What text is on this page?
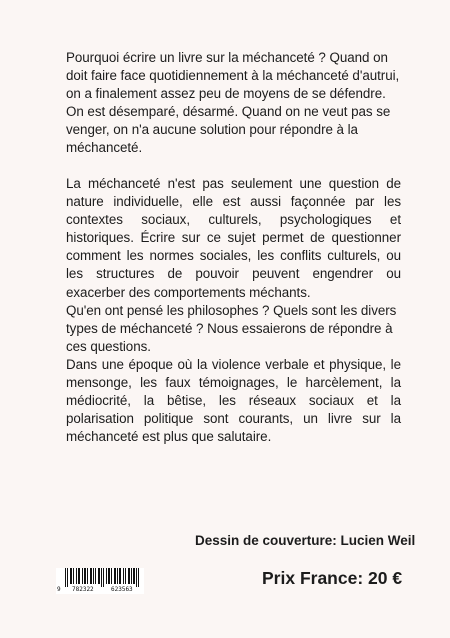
Pourquoi écrire un livre sur la méchanceté ? Quand on doit faire face quotidiennement à la méchanceté d'autrui, on a finalement assez peu de moyens de se défendre. On est désemparé, désarmé. Quand on ne veut pas se venger, on n'a aucune solution pour répondre à la méchanceté.

La méchanceté n'est pas seulement une question de nature individuelle, elle est aussi façonnée par les contextes sociaux, culturels, psychologiques et historiques. Écrire sur ce sujet permet de questionner comment les normes sociales, les conflits culturels, ou les structures de pouvoir peuvent engendrer ou exacerber des comportements méchants.

Qu'en ont pensé les philosophes ? Quels sont les divers types de méchanceté ? Nous essaierons de répondre à ces questions.

Dans une époque où la violence verbale et physique, le mensonge, les faux témoignages, le harcèlement, la médiocrité, la bêtise, les réseaux sociaux et la polarisation politique sont courants, un livre sur la méchanceté est plus que salutaire.

Dessin de couverture: Lucien Weil
9 782322	623563
Prix France: 20 €
